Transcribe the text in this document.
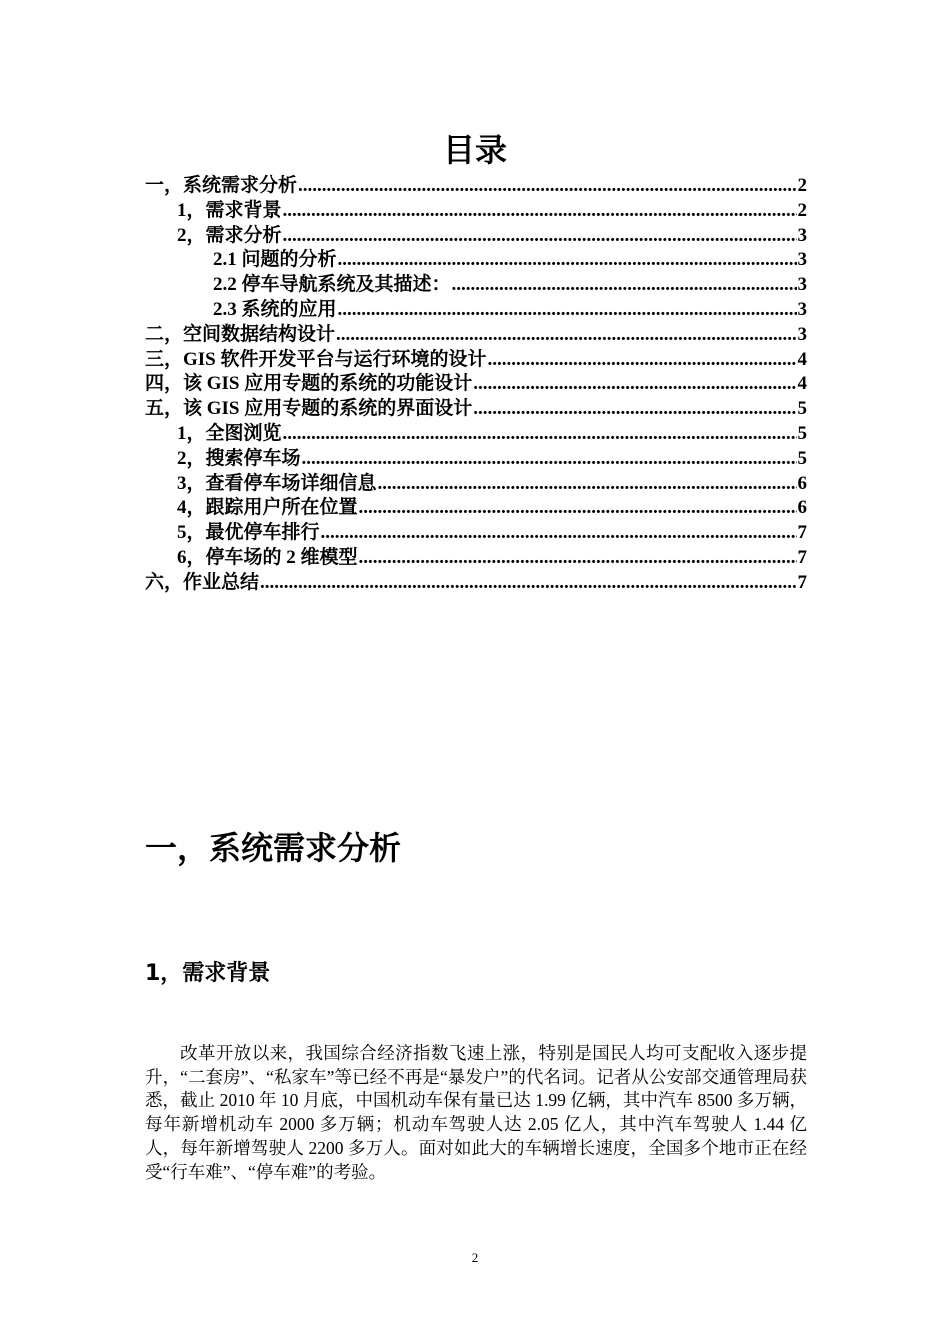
目录
一，系统需求分析 .....	2
1，需求背景 .....	2
2，需求分析 .....	3
2.1 问题的分析 .....	3
2.2 停车导航系统及其描述： .....	3
2.3 系统的应用 .....	3
二，空间数据结构设计 .....	3
三，GIS 软件开发平台与运行环境的设计 .....	4
四，该 GIS 应用专题的系统的功能设计 .....	4
五，该 GIS 应用专题的系统的界面设计 .....	5
1，全图浏览 .....	5
2，搜索停车场 .....	5
3，查看停车场详细信息 .....	6
4，跟踪用户所在位置 .....	6
5，最优停车排行 .....	7
6，停车场的 2 维模型 .....	7
六，作业总结 .....	7
一，系统需求分析
1，需求背景

改革开放以来，我国综合经济指数飞速上涨，特别是国民人均可支配收入逐步提升，“二套房”、“私家车”等已经不再是“暴发户”的代名词。记者从公安部交通管理局获悉，截止 2010 年 10 月底，中国机动车保有量已达 1.99 亿辆，其中汽车 8500 多万辆，每年新增机动车 2000 多万辆；机动车驾驶人达 2.05 亿人，其中汽车驾驶人 1.44 亿人，每年新增驾驶人 2200 多万人。面对如此大的车辆增长速度，全国多个地市正在经受“行车难”、“停车难”的考验。

2
